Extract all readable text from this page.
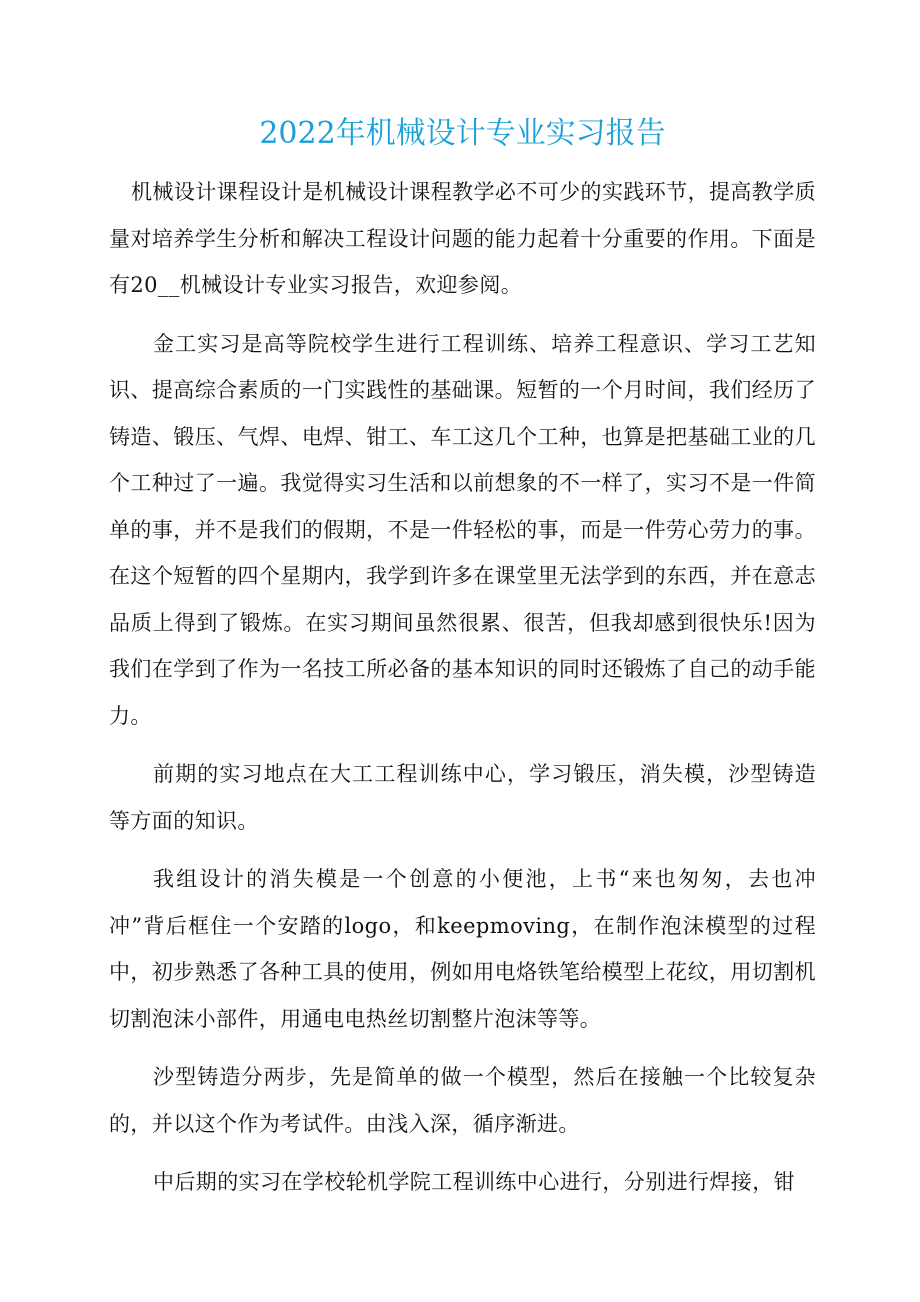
2022年机械设计专业实习报告

机械设计课程设计是机械设计课程教学必不可少的实践环节，提高教学质量对培养学生分析和解决工程设计问题的能力起着十分重要的作用。下面是有20__机械设计专业实习报告，欢迎参阅。

金工实习是高等院校学生进行工程训练、培养工程意识、学习工艺知识、提高综合素质的一门实践性的基础课。短暂的一个月时间，我们经历了铸造、锻压、气焊、电焊、钳工、车工这几个工种，也算是把基础工业的几个工种过了一遍。我觉得实习生活和以前想象的不一样了，实习不是一件简单的事，并不是我们的假期，不是一件轻松的事，而是一件劳心劳力的事。在这个短暂的四个星期内，我学到许多在课堂里无法学到的东西，并在意志品质上得到了锻炼。在实习期间虽然很累、很苦，但我却感到很快乐!因为我们在学到了作为一名技工所必备的基本知识的同时还锻炼了自己的动手能力。

前期的实习地点在大工工程训练中心，学习锻压，消失模，沙型铸造等方面的知识。

我组设计的消失模是一个创意的小便池，上书“来也匆匆，去也冲冲”背后框住一个安踏的logo，和keepmoving，在制作泡沫模型的过程中，初步熟悉了各种工具的使用，例如用电烙铁笔给模型上花纹，用切割机切割泡沫小部件，用通电电热丝切割整片泡沫等等。

沙型铸造分两步，先是简单的做一个模型，然后在接触一个比较复杂的，并以这个作为考试件。由浅入深，循序渐进。

中后期的实习在学校轮机学院工程训练中心进行，分别进行焊接，钳
